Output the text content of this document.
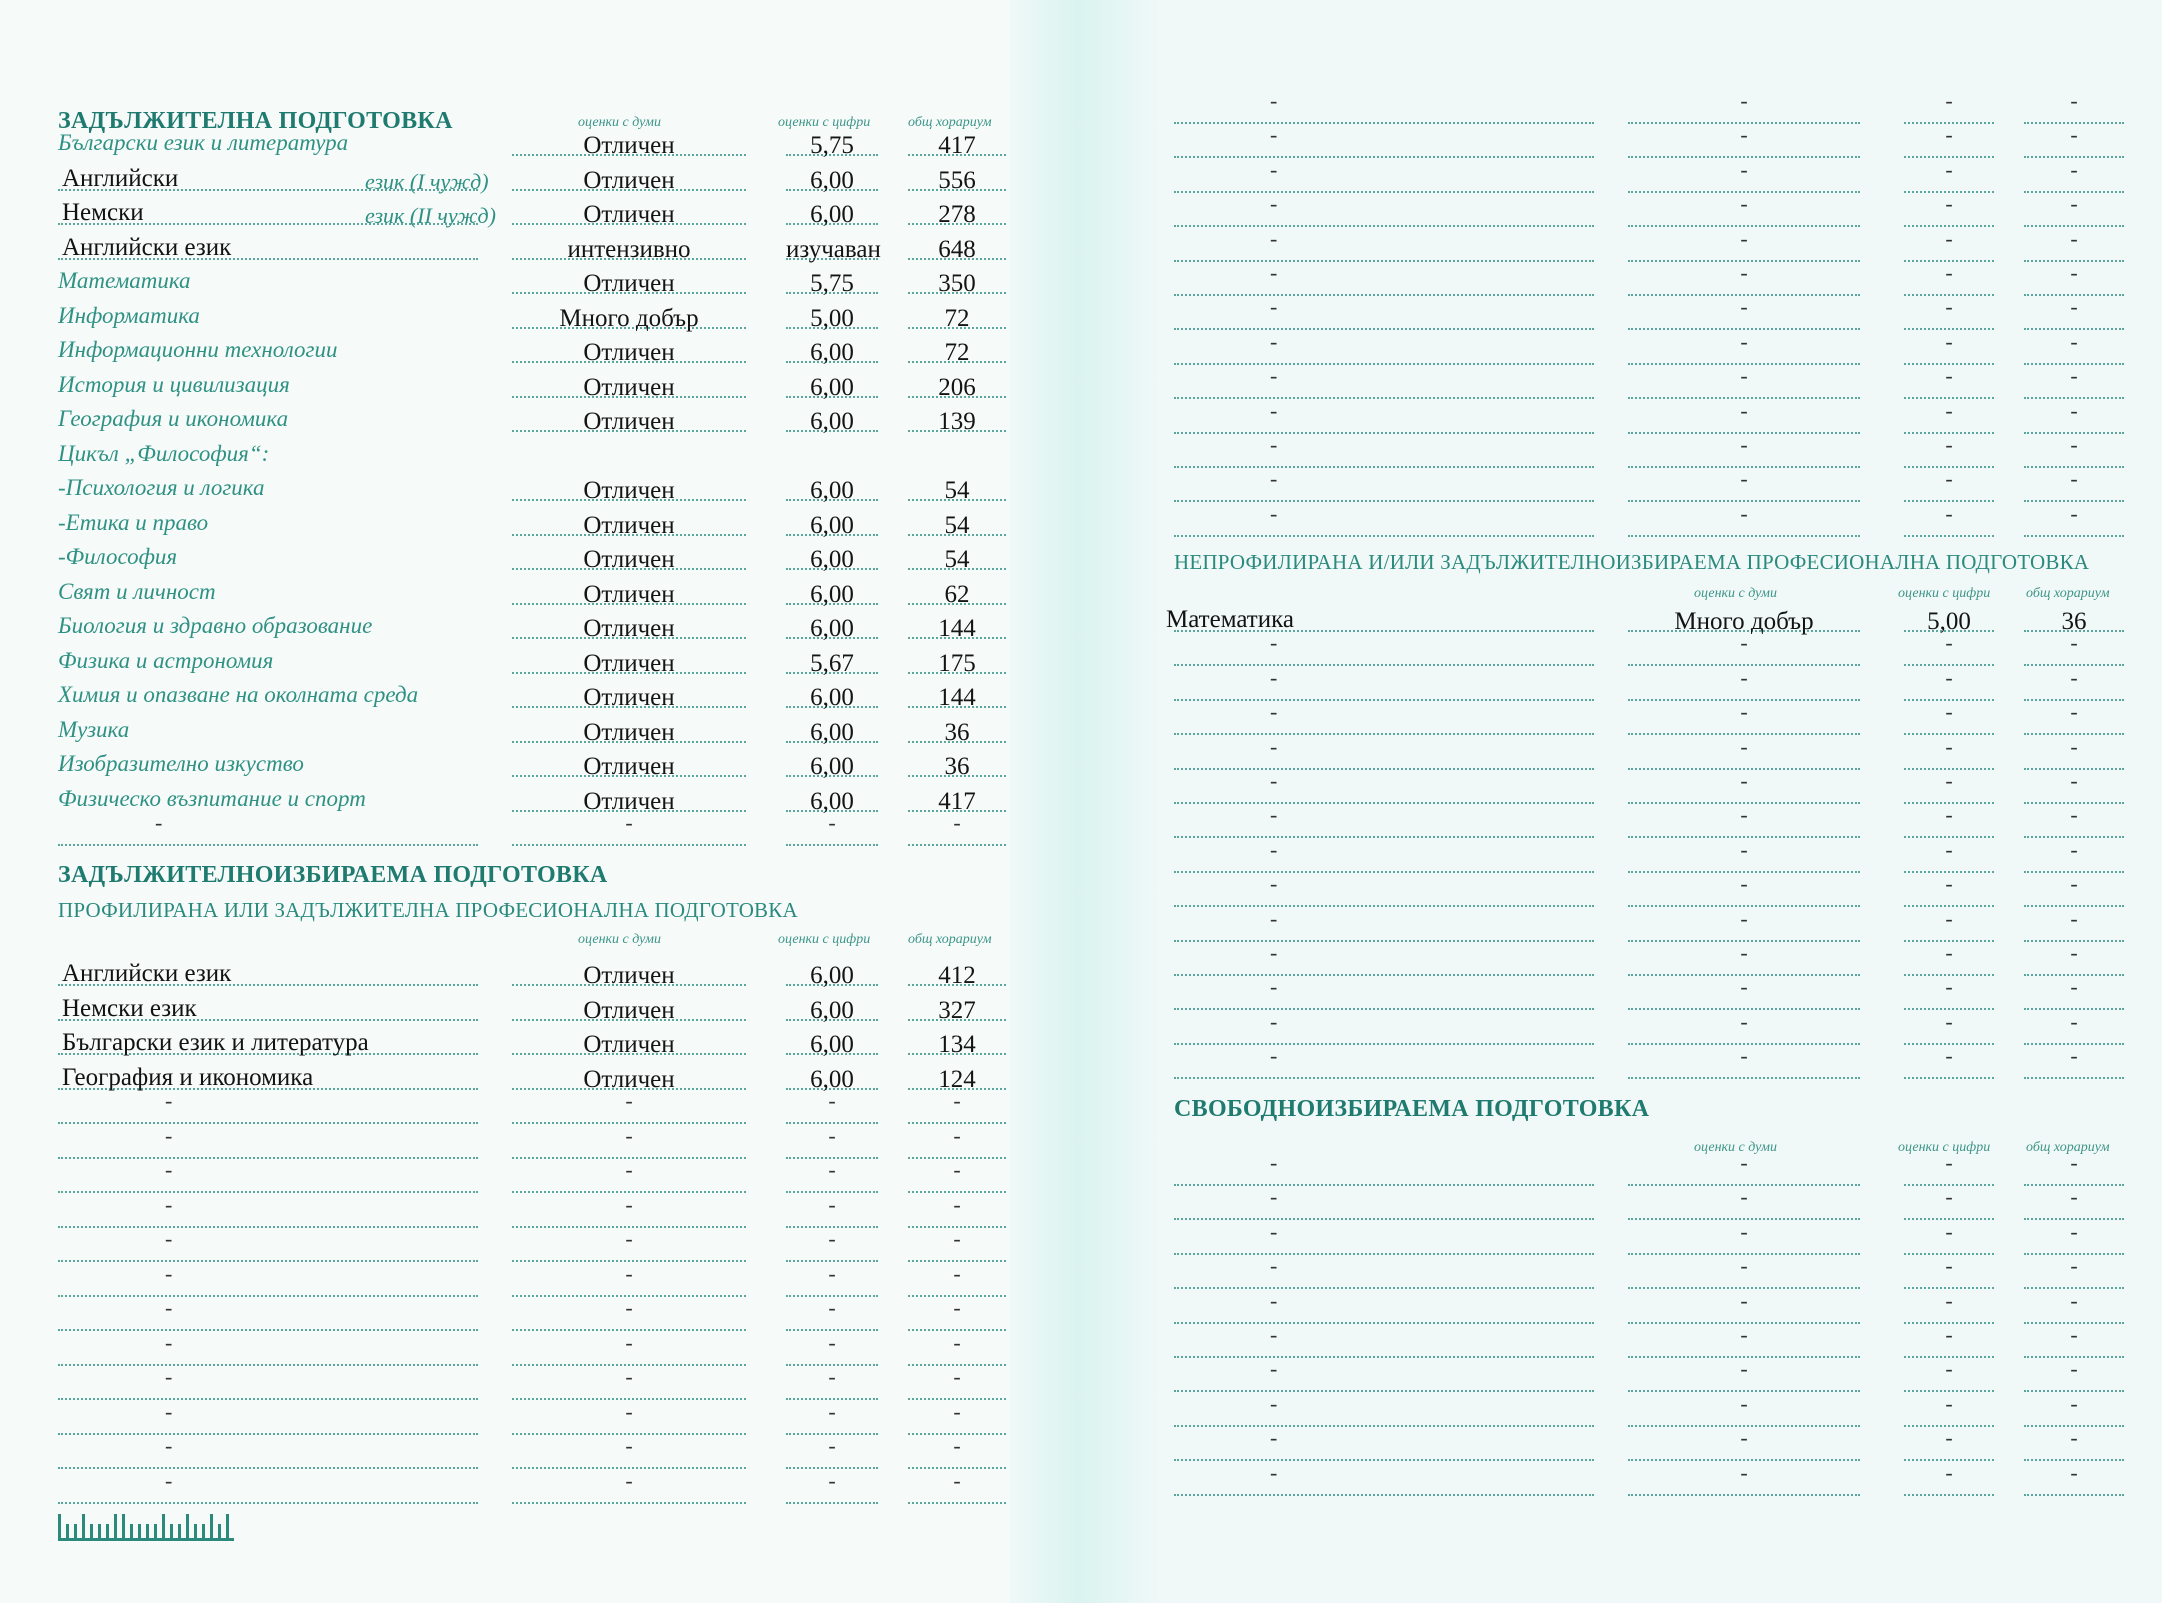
ЗАДЪЛЖИТЕЛНА ПОДГОТОВКА	оценки с думи	оценки с цифри	общ хорариум
Български език и литература	Отличен	5,75	417
Английски	език (I чужд)	Отличен	6,00	556
Немски	език (II чужд)	Отличен	6,00	278
Английски език	интензивно	изучаван	648
Математика	Отличен	5,75	350
Информатика	Много добър	5,00	72
Информационни технологии	Отличен	6,00	72
История и цивилизация	Отличен	6,00	206
География и икономика	Отличен	6,00	139
Цикъл „Философия“:
-Психология и логика	Отличен	6,00	54
-Етика и право	Отличен	6,00	54
-Философия	Отличен	6,00	54
Свят и личност	Отличен	6,00	62
Биология и здравно образование	Отличен	6,00	144
Физика и астрономия	Отличен	5,67	175
Химия и опазване на околната среда	Отличен	6,00	144
Музика	Отличен	6,00	36
Изобразително изкуство	Отличен	6,00	36
Физическо възпитание и спорт	Отличен	6,00	417
-	-	-	-
ЗАДЪЛЖИТЕЛНОИЗБИРАЕМА ПОДГОТОВКА
ПРОФИЛИРАНА ИЛИ ЗАДЪЛЖИТЕЛНА ПРОФЕСИОНАЛНА ПОДГОТОВКА
оценки с думи	оценки с цифри	общ хорариум
Английски език	Отличен	6,00	412
Немски език	Отличен	6,00	327
Български език и литература	Отличен	6,00	134
География и икономика	Отличен	6,00	124
-	-	-	-
-	-	-	-
-	-	-	-
-	-	-	-
-	-	-	-
-	-	-	-
-	-	-	-
-	-	-	-
-	-	-	-
-	-	-	-
-	-	-	-
-	-	-	-
-	-	-	-
-	-	-	-
-	-	-	-
-	-	-	-
-	-	-	-
-	-	-	-
-	-	-	-
-	-	-	-
-	-	-	-
-	-	-	-
-	-	-	-
-	-	-	-
-	-	-	-
НЕПРОФИЛИРАНА И/ИЛИ ЗАДЪЛЖИТЕЛНОИЗБИРАЕМА ПРОФЕСИОНАЛНА ПОДГОТОВКА
оценки с думи	оценки с цифри	общ хорариум
Математика	Много добър	5,00	36
-	-	-	-
-	-	-	-
-	-	-	-
-	-	-	-
-	-	-	-
-	-	-	-
-	-	-	-
-	-	-	-
-	-	-	-
-	-	-	-
-	-	-	-
-	-	-	-
-	-	-	-
СВОБОДНОИЗБИРАЕМА ПОДГОТОВКА
оценки с думи	оценки с цифри	общ хорариум
-	-	-	-
-	-	-	-
-	-	-	-
-	-	-	-
-	-	-	-
-	-	-	-
-	-	-	-
-	-	-	-
-	-	-	-
-	-	-	-
